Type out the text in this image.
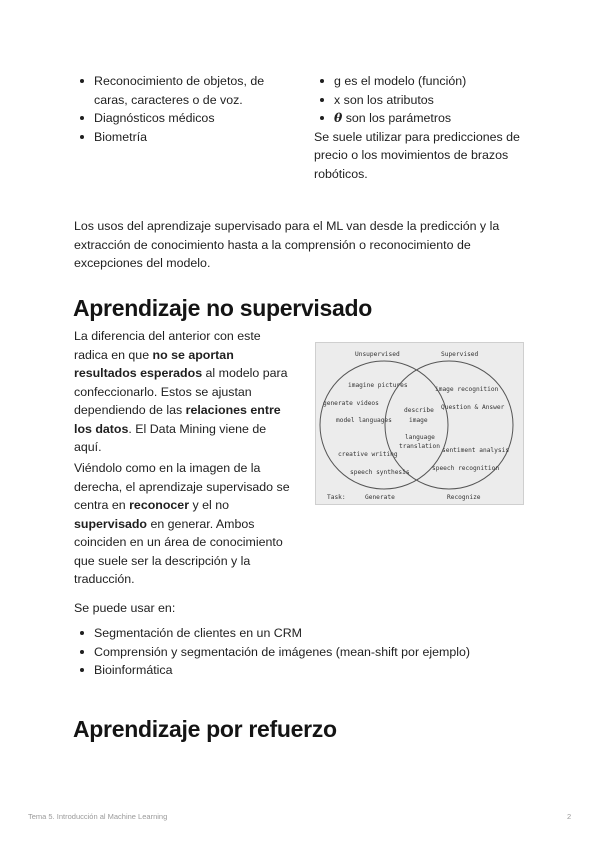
Reconocimiento de objetos, de caras, caracteres o de voz.
Diagnósticos médicos
Biometría
g es el modelo (función)
x son los atributos
θ son los parámetros

Se suele utilizar para predicciones de precio o los movimientos de brazos robóticos.

Los usos del aprendizaje supervisado para el ML van desde la predicción y la extracción de conocimiento hasta a la comprensión o reconocimiento de excepciones del modelo.

Aprendizaje no supervisado

La diferencia del anterior con este radica en que no se aportan resultados esperados al modelo para confeccionarlo. Estos se ajustan dependiendo de las relaciones entre los datos. El Data Mining viene de aquí.

Viéndolo como en la imagen de la derecha, el aprendizaje supervisado se centra en reconocer y el no supervisado en generar. Ambos coinciden en un área de conocimiento que suele ser la descripción y la traducción.

Unsupervised	Supervised
imagine pictures
generate videos
model languages
creative writing
speech synthesis
describe
image
language
translation
image recognition
Question & Answer
sentiment analysis
speech recognition
Task:	Generate	Recognize

Se puede usar en:

Segmentación de clientes en un CRM
Comprensión y segmentación de imágenes (mean-shift por ejemplo)
Bioinformática
Aprendizaje por refuerzo
Tema 5. Introducción al Machine Learning	2
